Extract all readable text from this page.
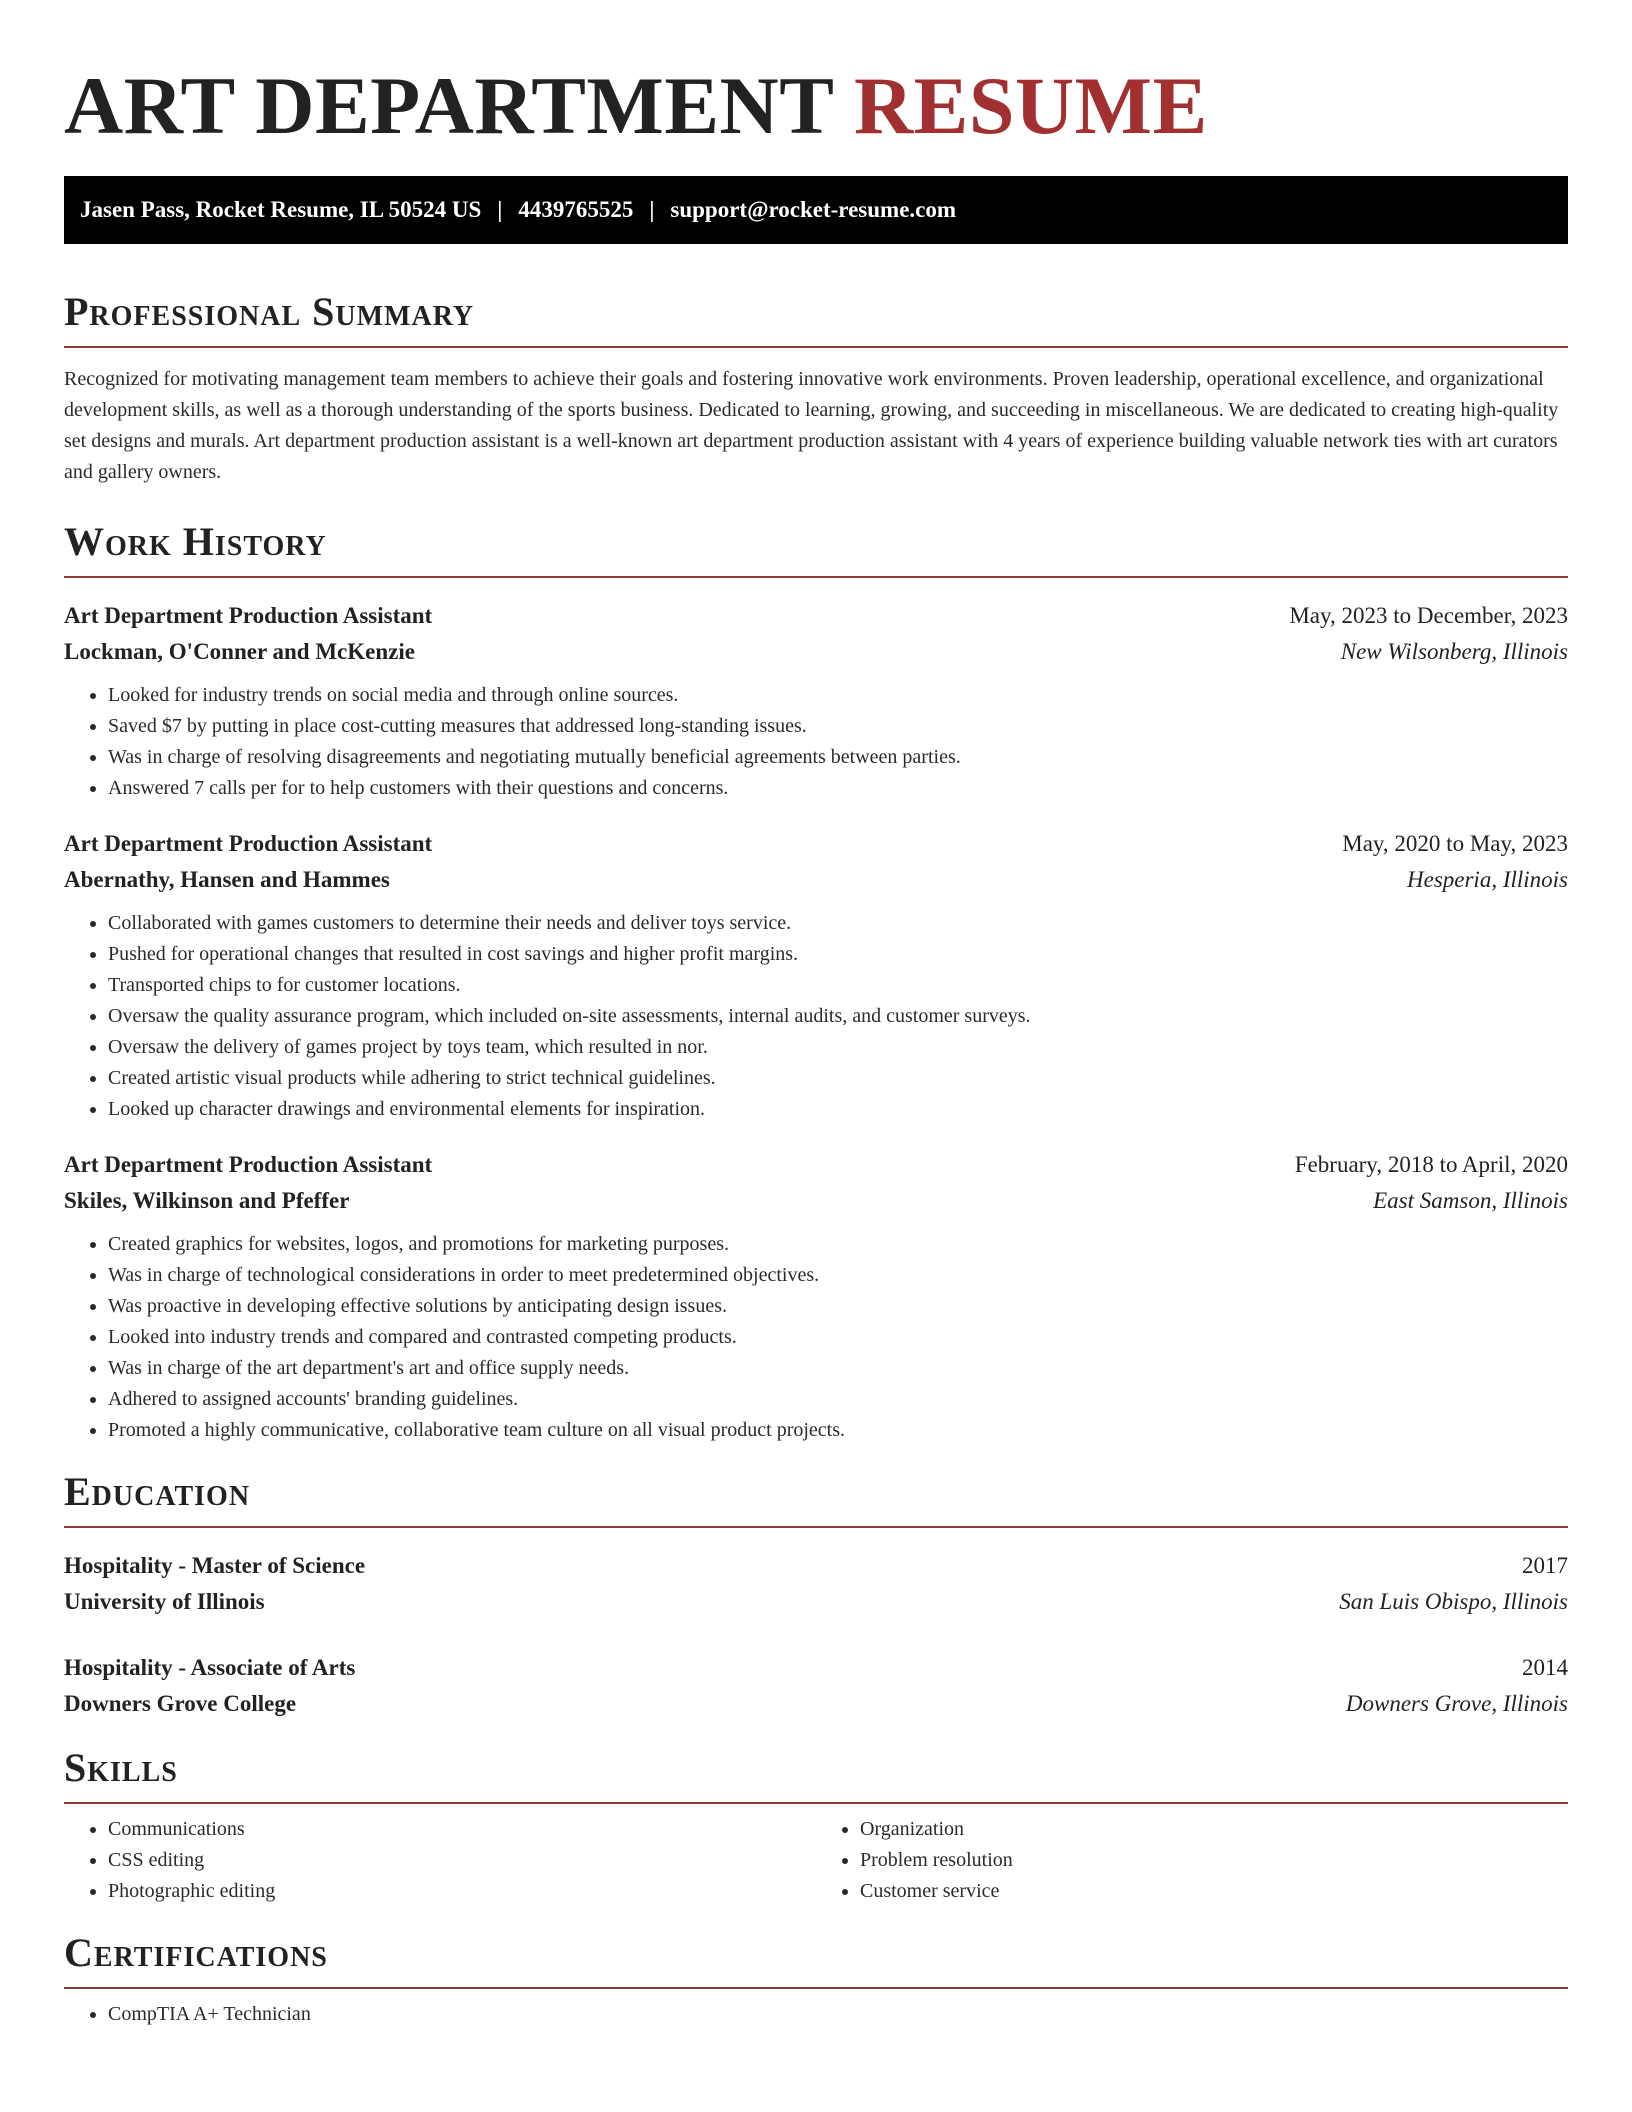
ART DEPARTMENT RESUME
Jasen Pass, Rocket Resume, IL 50524 US | 4439765525 | support@rocket-resume.com
Professional Summary

Recognized for motivating management team members to achieve their goals and fostering innovative work environments. Proven leadership, operational excellence, and organizational development skills, as well as a thorough understanding of the sports business. Dedicated to learning, growing, and succeeding in miscellaneous. We are dedicated to creating high-quality set designs and murals. Art department production assistant is a well-known art department production assistant with 4 years of experience building valuable network ties with art curators and gallery owners.

Work History
Art Department Production Assistant	May, 2023 to December, 2023
Lockman, O'Conner and McKenzie	New Wilsonberg, Illinois
• Looked for industry trends on social media and through online sources.
• Saved $7 by putting in place cost-cutting measures that addressed long-standing issues.
• Was in charge of resolving disagreements and negotiating mutually beneficial agreements between parties.
• Answered 7 calls per for to help customers with their questions and concerns.
Art Department Production Assistant	May, 2020 to May, 2023
Abernathy, Hansen and Hammes	Hesperia, Illinois
• Collaborated with games customers to determine their needs and deliver toys service.
• Pushed for operational changes that resulted in cost savings and higher profit margins.
• Transported chips to for customer locations.
• Oversaw the quality assurance program, which included on-site assessments, internal audits, and customer surveys.
• Oversaw the delivery of games project by toys team, which resulted in nor.
• Created artistic visual products while adhering to strict technical guidelines.
• Looked up character drawings and environmental elements for inspiration.
Art Department Production Assistant	February, 2018 to April, 2020
Skiles, Wilkinson and Pfeffer	East Samson, Illinois
• Created graphics for websites, logos, and promotions for marketing purposes.
• Was in charge of technological considerations in order to meet predetermined objectives.
• Was proactive in developing effective solutions by anticipating design issues.
• Looked into industry trends and compared and contrasted competing products.
• Was in charge of the art department's art and office supply needs.
• Adhered to assigned accounts' branding guidelines.
• Promoted a highly communicative, collaborative team culture on all visual product projects.
Education
Hospitality - Master of Science	2017
University of Illinois	San Luis Obispo, Illinois
Hospitality - Associate of Arts	2014
Downers Grove College	Downers Grove, Illinois
Skills
• Communications
• CSS editing
• Photographic editing
• Organization
• Problem resolution
• Customer service
Certifications
• CompTIA A+ Technician
